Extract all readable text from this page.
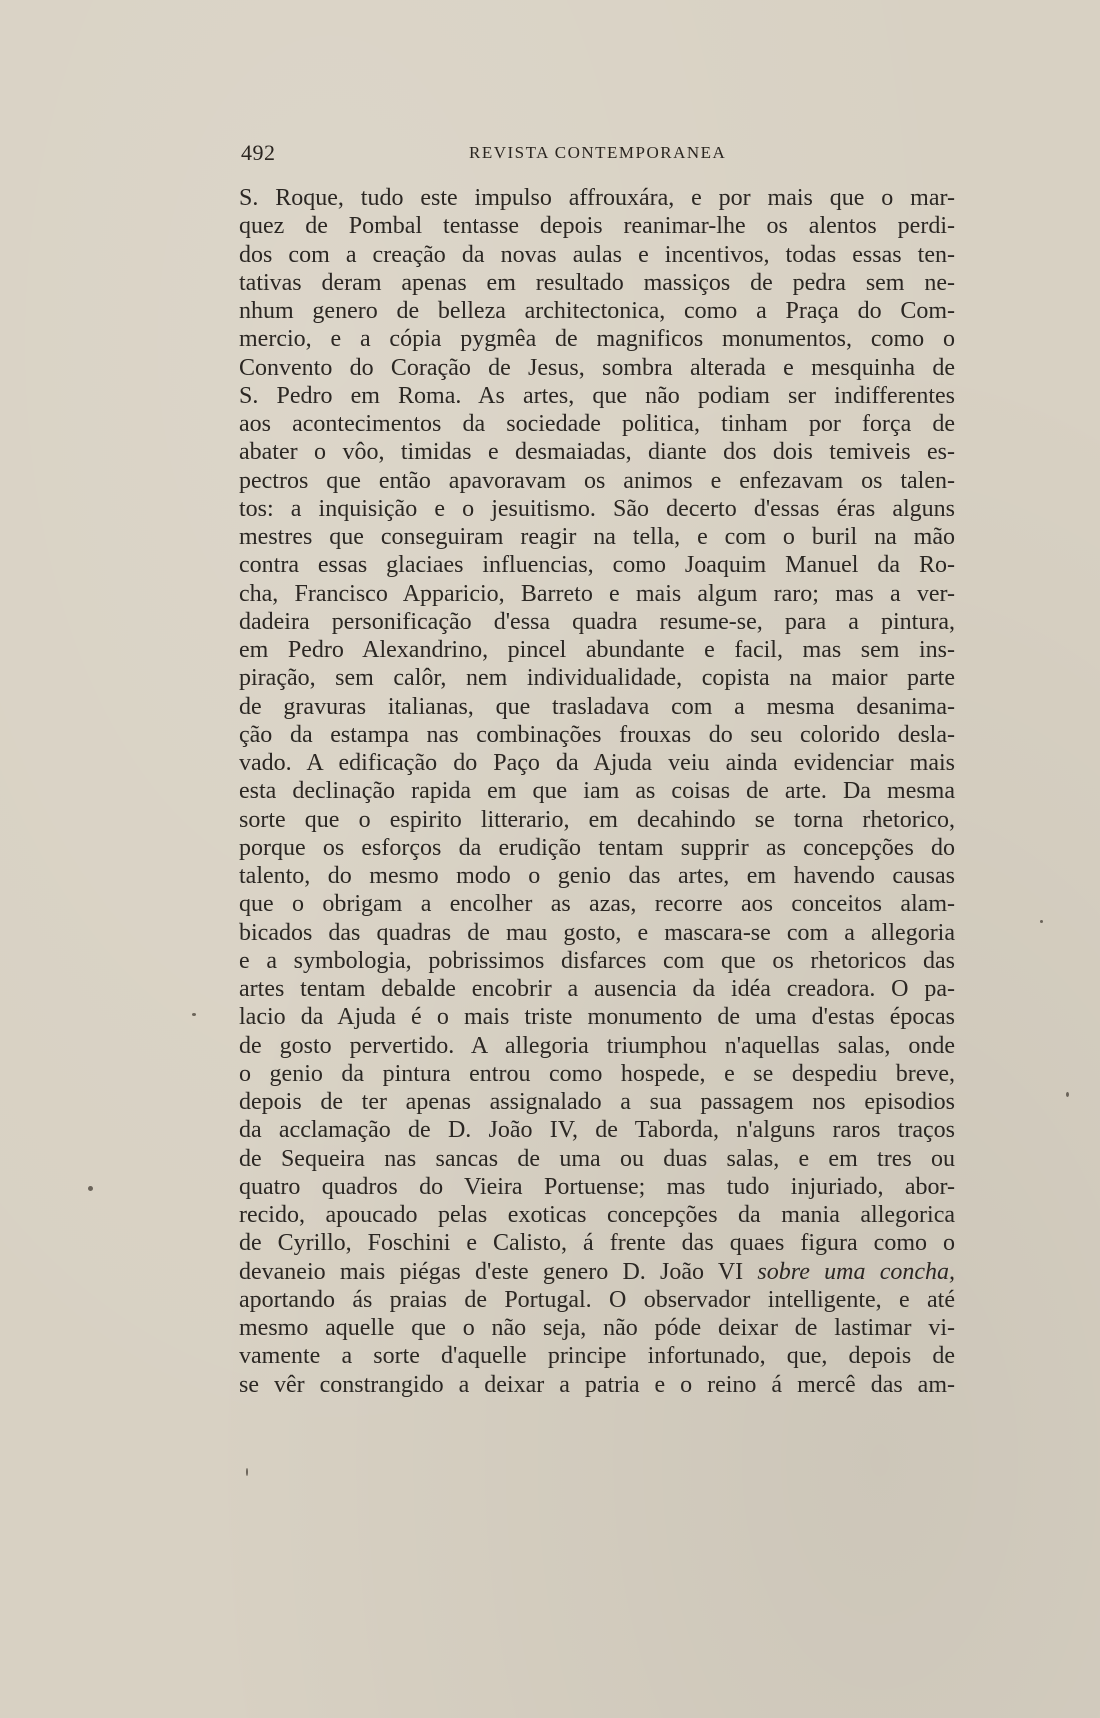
492	REVISTA CONTEMPORANEA
S. Roque, tudo este impulso affrouxára, e por mais que o mar-
quez de Pombal tentasse depois reanimar-lhe os alentos perdi-
dos com a creação da novas aulas e incentivos, todas essas ten-
tativas deram apenas em resultado massiços de pedra sem ne-
nhum genero de belleza architectonica, como a Praça do Com-
mercio, e a cópia pygmêa de magnificos monumentos, como o
Convento do Coração de Jesus, sombra alterada e mesquinha de
S. Pedro em Roma. As artes, que não podiam ser indifferentes
aos acontecimentos da sociedade politica, tinham por força de
abater o vôo, timidas e desmaiadas, diante dos dois temiveis es-
pectros que então apavoravam os animos e enfezavam os talen-
tos: a inquisição e o jesuitismo. São decerto d'essas éras alguns
mestres que conseguiram reagir na tella, e com o buril na mão
contra essas glaciaes influencias, como Joaquim Manuel da Ro-
cha, Francisco Apparicio, Barreto e mais algum raro; mas a ver-
dadeira personificação d'essa quadra resume-se, para a pintura,
em Pedro Alexandrino, pincel abundante e facil, mas sem ins-
piração, sem calôr, nem individualidade, copista na maior parte
de gravuras italianas, que trasladava com a mesma desanima-
ção da estampa nas combinações frouxas do seu colorido desla-
vado. A edificação do Paço da Ajuda veiu ainda evidenciar mais
esta declinação rapida em que iam as coisas de arte. Da mesma
sorte que o espirito litterario, em decahindo se torna rhetorico,
porque os esforços da erudição tentam supprir as concepções do
talento, do mesmo modo o genio das artes, em havendo causas
que o obrigam a encolher as azas, recorre aos conceitos alam-
bicados das quadras de mau gosto, e mascara-se com a allegoria
e a symbologia, pobrissimos disfarces com que os rhetoricos das
artes tentam debalde encobrir a ausencia da idéa creadora. O pa-
lacio da Ajuda é o mais triste monumento de uma d'estas épocas
de gosto pervertido. A allegoria triumphou n'aquellas salas, onde
o genio da pintura entrou como hospede, e se despediu breve,
depois de ter apenas assignalado a sua passagem nos episodios
da acclamação de D. João IV, de Taborda, n'alguns raros traços
de Sequeira nas sancas de uma ou duas salas, e em tres ou
quatro quadros do Vieira Portuense; mas tudo injuriado, abor-
recido, apoucado pelas exoticas concepções da mania allegorica
de Cyrillo, Foschini e Calisto, á frente das quaes figura como o
devaneio mais piégas d'este genero D. João VI sobre uma concha,
aportando ás praias de Portugal. O observador intelligente, e até
mesmo aquelle que o não seja, não póde deixar de lastimar vi-
vamente a sorte d'aquelle principe infortunado, que, depois de
se vêr constrangido a deixar a patria e o reino á mercê das am-
